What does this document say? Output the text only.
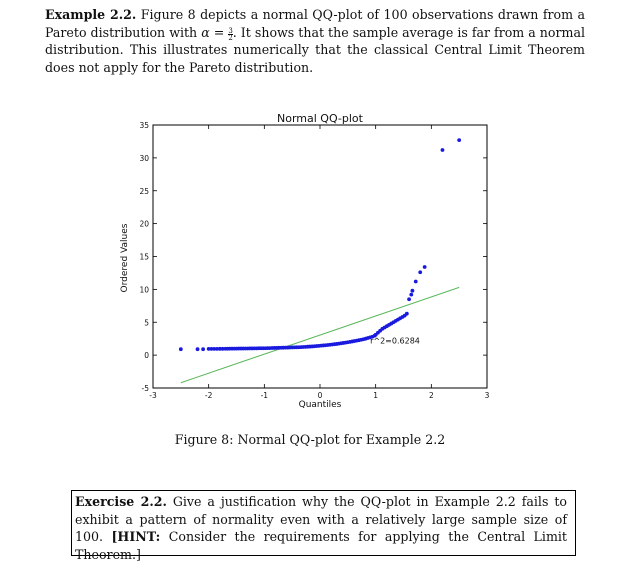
Example 2.2. Figure 8 depicts a normal QQ-plot of 100 observations drawn from a Pareto distribution with $\alpha = \frac{3}{2}$ . It shows that the sample average is far from a normal distribution. This illustrates numerically that the classical Central Limit Theorem does not apply for the Pareto distribution.
Normal QQ-plot
Ordered Values
Quantiles
-5
0
5
10
15
20
25
30
35
-3	-2	-1	0	1	2	3
r^2=0.6284
Figure 8: Normal QQ-plot for Example 2.2
Exercise 2.2. Give a justification why the QQ-plot in Example 2.2 fails to exhibit a pattern of normality even with a relatively large sample size of 100. [HINT: Consider the requirements for applying the Central Limit Theorem.]
